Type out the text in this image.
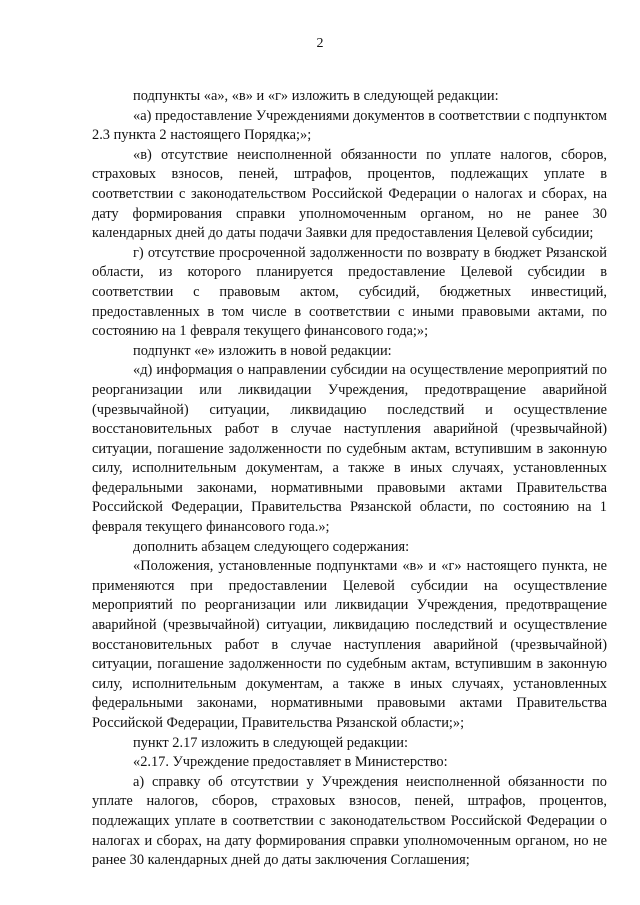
2

подпункты «а», «в» и «г» изложить в следующей редакции:

«а) предоставление Учреждениями документов в соответствии с подпунктом 2.3 пункта 2 настоящего Порядка;»;

«в) отсутствие неисполненной обязанности по уплате налогов, сборов, страховых взносов, пеней, штрафов, процентов, подлежащих уплате в соответствии с законодательством Российской Федерации о налогах и сборах, на дату формирования справки уполномоченным органом, но не ранее 30 календарных дней до даты подачи Заявки для предоставления Целевой субсидии;

г) отсутствие просроченной задолженности по возврату в бюджет Рязанской области, из которого планируется предоставление Целевой субсидии в соответствии с правовым актом, субсидий, бюджетных инвестиций, предоставленных в том числе в соответствии с иными правовыми актами, по состоянию на 1 февраля текущего финансового года;»;

подпункт «е» изложить в новой редакции:

«д) информация о направлении субсидии на осуществление мероприятий по реорганизации или ликвидации Учреждения, предотвращение аварийной (чрезвычайной) ситуации, ликвидацию последствий и осуществление восстановительных работ в случае наступления аварийной (чрезвычайной) ситуации, погашение задолженности по судебным актам, вступившим в законную силу, исполнительным документам, а также в иных случаях, установленных федеральными законами, нормативными правовыми актами Правительства Российской Федерации, Правительства Рязанской области, по состоянию на 1 февраля текущего финансового года.»;

дополнить абзацем следующего содержания:

«Положения, установленные подпунктами «в» и «г» настоящего пункта, не применяются при предоставлении Целевой субсидии на осуществление мероприятий по реорганизации или ликвидации Учреждения, предотвращение аварийной (чрезвычайной) ситуации, ликвидацию последствий и осуществление восстановительных работ в случае наступления аварийной (чрезвычайной) ситуации, погашение задолженности по судебным актам, вступившим в законную силу, исполнительным документам, а также в иных случаях, установленных федеральными законами, нормативными правовыми актами Правительства Российской Федерации, Правительства Рязанской области;»;

пункт 2.17 изложить в следующей редакции:

«2.17. Учреждение предоставляет в Министерство:

а) справку об отсутствии у Учреждения неисполненной обязанности по уплате налогов, сборов, страховых взносов, пеней, штрафов, процентов, подлежащих уплате в соответствии с законодательством Российской Федерации о налогах и сборах, на дату формирования справки уполномоченным органом, но не ранее 30 календарных дней до даты заключения Соглашения;
